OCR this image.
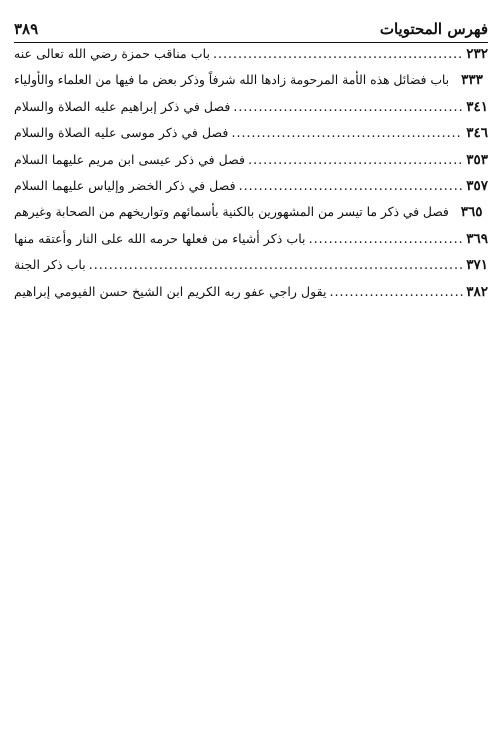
٣٨٩	فهرس المحتويات
باب مناقب حمزة رضي الله تعالى عنه .....	٢٣٢
باب فضائل هذه الأمة المرحومة زادها الله شرفاً وذكر بعض ما فيها من العلماء والأولياء ٣٣٣
فصل في ذكر إبراهيم عليه الصلاة والسلام .....	٣٤١
فصل في ذكر موسى عليه الصلاة والسلام .....	٣٤٦
فصل في ذكر عيسى ابن مريم عليهما السلام .....	٣٥٣
فصل في ذكر الخضر وإلياس عليهما السلام .....	٣٥٧
فصل في ذكر ما تيسر من المشهورين بالكنية بأسمائهم وتواريخهم من الصحابة وغيرهم ٣٦٥
باب ذكر أشياء من فعلها حرمه الله على النار وأعتقه منها .....	٣٦٩
باب ذكر الجنة .....	٣٧١
يقول راجي عفو ربه الكريم ابن الشيخ حسن الفيومي إبراهيم .....	٣٨٢
